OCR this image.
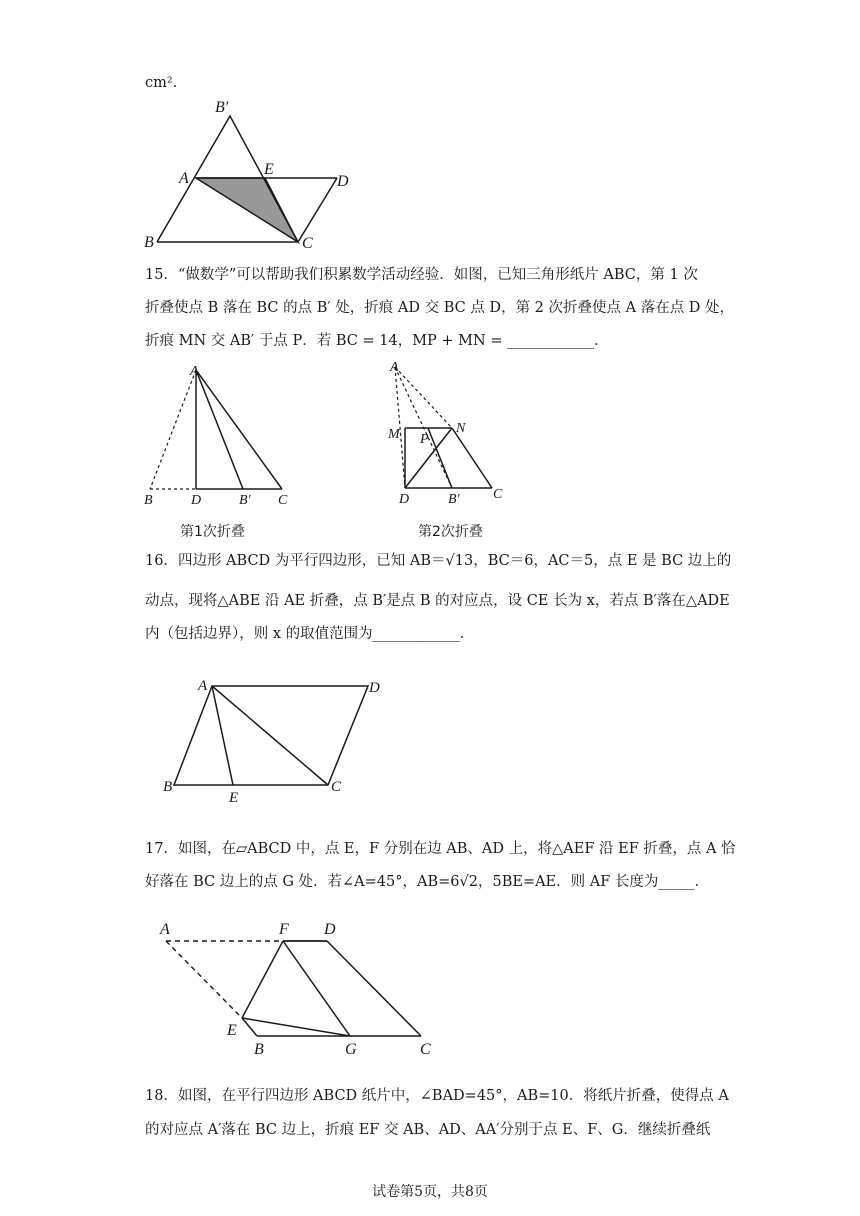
cm².
B′
E
A	D
B	C
15．“做数学”可以帮助我们积累数学活动经验．如图，已知三角形纸片 ABC，第 1 次
折叠使点 B 落在 BC 的点 B′ 处，折痕 AD 交 BC 点 D，第 2 次折叠使点 A 落在点 D 处，
折痕 MN 交 AB′ 于点 P．若 BC = 14，MP + MN = ____________．
A
B	D	B′ C
第1次折叠
A
M P
N
D	B′ C
第2次折叠
16．四边形 ABCD 为平行四边形，已知 AB＝√13，BC＝6，AC＝5，点 E 是 BC 边上的
动点，现将△ABE 沿 AE 折叠，点 B′是点 B 的对应点，设 CE 长为 x，若点 B′落在△ADE
内（包括边界），则 x 的取值范围为____________．
A	D
B
E
C
17．如图，在▱ABCD 中，点 E，F 分别在边 AB、AD 上，将△AEF 沿 EF 折叠，点 A 恰
好落在 BC 边上的点 G 处．若∠A=45°，AB=6√2，5BE=AE．则 AF 长度为_____．
A	F D
E
B	G	C
18．如图，在平行四边形 ABCD 纸片中，∠BAD=45°，AB=10．将纸片折叠，使得点 A
的对应点 A′落在 BC 边上，折痕 EF 交 AB、AD、AA′分别于点 E、F、G．继续折叠纸
试卷第5页，共8页
